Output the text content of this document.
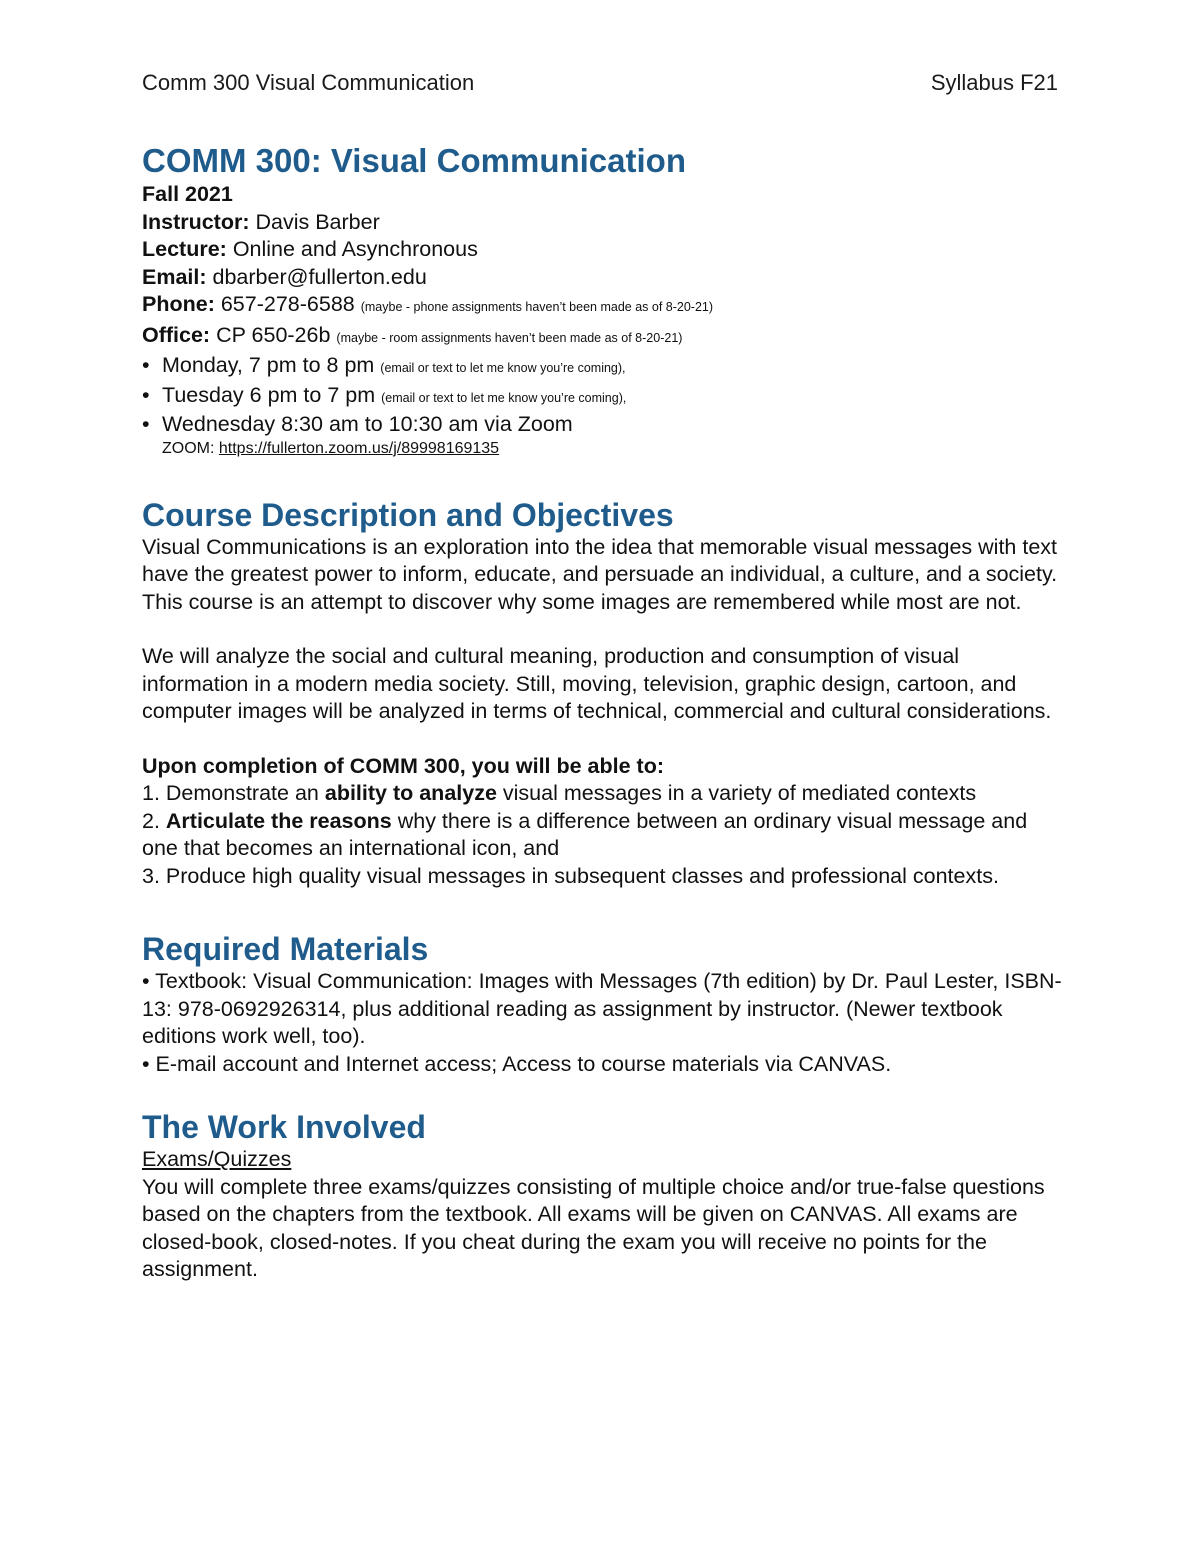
Comm 300 Visual Communication	Syllabus F21
COMM 300: Visual Communication
Fall 2021
Instructor: Davis Barber
Lecture: Online and Asynchronous
Email: dbarber@fullerton.edu
Phone: 657-278-6588 (maybe - phone assignments haven’t been made as of 8-20-21)
Office: CP 650-26b (maybe - room assignments haven’t been made as of 8-20-21)
• Monday, 7 pm to 8 pm (email or text to let me know you’re coming),
• Tuesday 6 pm to 7 pm (email or text to let me know you’re coming),
• Wednesday 8:30 am to 10:30 am via Zoom
ZOOM: https://fullerton.zoom.us/j/89998169135
Course Description and Objectives

Visual Communications is an exploration into the idea that memorable visual messages with text have the greatest power to inform, educate, and persuade an individual, a culture, and a society. This course is an attempt to discover why some images are remembered while most are not.

We will analyze the social and cultural meaning, production and consumption of visual information in a modern media society. Still, moving, television, graphic design, cartoon, and computer images will be analyzed in terms of technical, commercial and cultural considerations.

Upon completion of COMM 300, you will be able to:

1. Demonstrate an ability to analyze visual messages in a variety of mediated contexts

2. Articulate the reasons why there is a difference between an ordinary visual message and one that becomes an international icon, and

3. Produce high quality visual messages in subsequent classes and professional contexts.

Required Materials

• Textbook: Visual Communication: Images with Messages (7th edition) by Dr. Paul Lester, ISBN-13: 978-0692926314, plus additional reading as assignment by instructor. (Newer textbook editions work well, too).

• E-mail account and Internet access; Access to course materials via CANVAS.

The Work Involved

Exams/Quizzes

You will complete three exams/quizzes consisting of multiple choice and/or true-false questions based on the chapters from the textbook. All exams will be given on CANVAS. All exams are closed-book, closed-notes. If you cheat during the exam you will receive no points for the assignment.
